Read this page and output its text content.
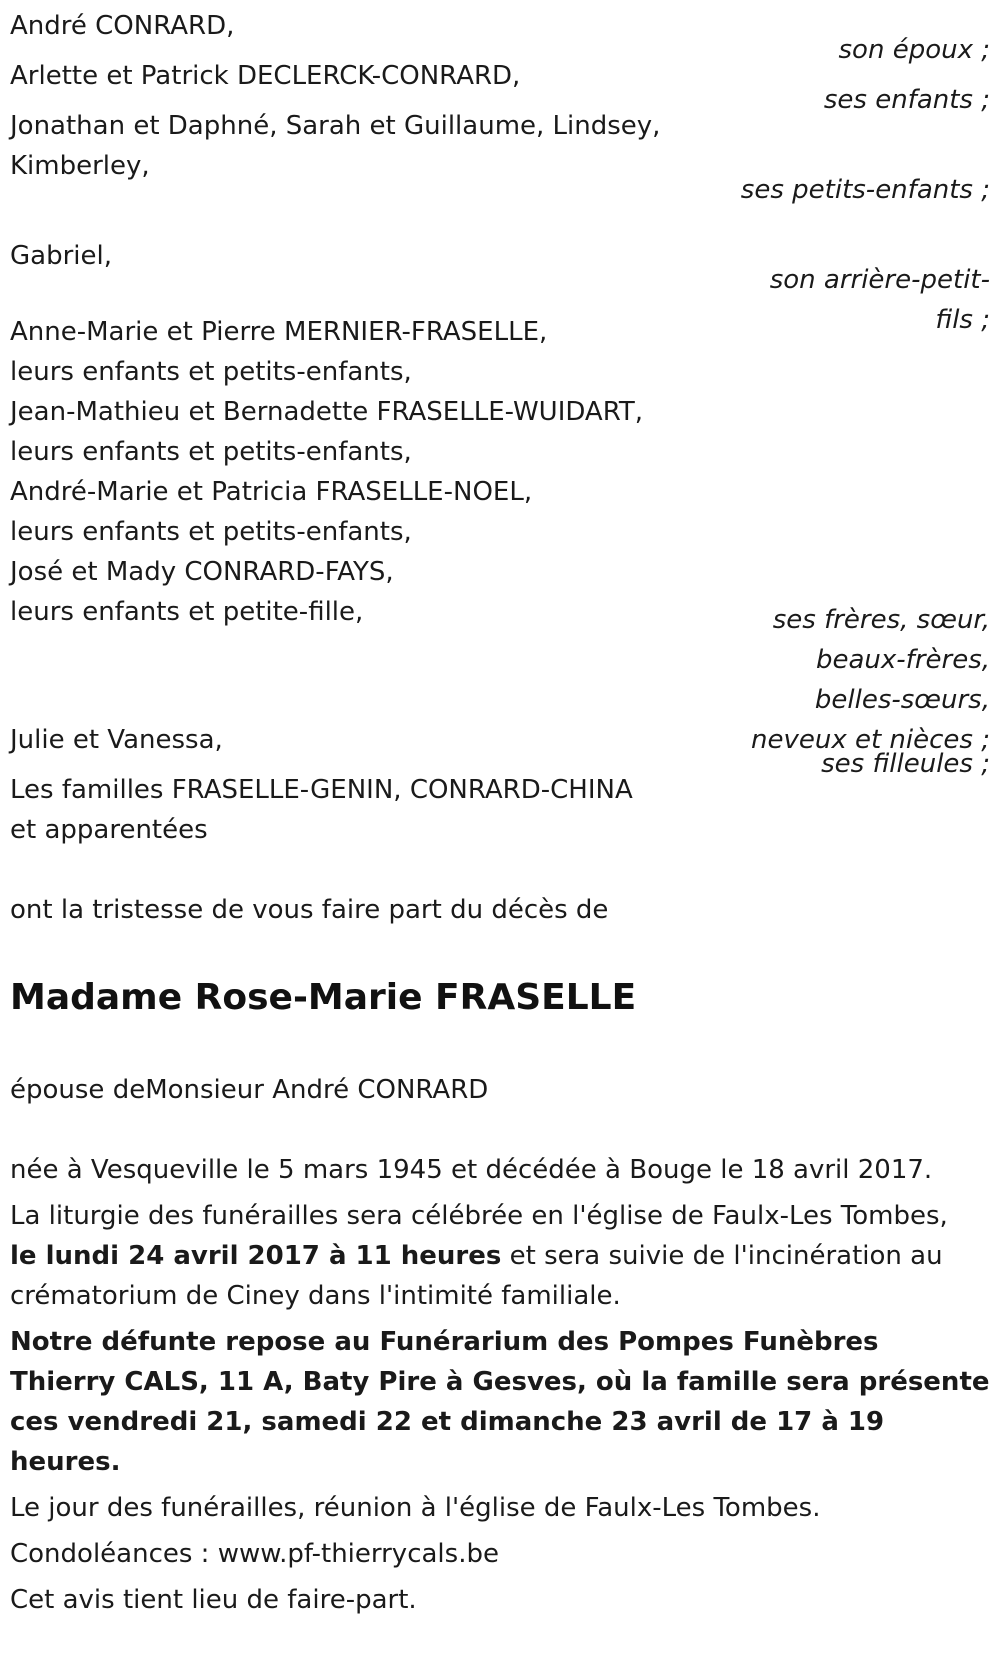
André CONRARD,
son époux ;
Arlette et Patrick DECLERCK-CONRARD,
ses enfants ;
Jonathan et Daphné, Sarah et Guillaume, Lindsey,
Kimberley,
ses petits-enfants ;
Gabriel,
son arrière-petit-fils ;
Anne-Marie et Pierre MERNIER-FRASELLE,
leurs enfants et petits-enfants,
Jean-Mathieu et Bernadette FRASELLE-WUIDART,
leurs enfants et petits-enfants,
André-Marie et Patricia FRASELLE-NOEL,
leurs enfants et petits-enfants,
José et Mady CONRARD-FAYS,
leurs enfants et petite-fille,	ses frères, sœur, beaux-frères, belles-sœurs, neveux et nièces ;
Julie et Vanessa,
ses filleules ;
Les familles FRASELLE-GENIN, CONRARD-CHINA
et apparentées
ont la tristesse de vous faire part du décès de
Madame Rose-Marie FRASELLE
épouse deMonsieur André CONRARD
née à Vesqueville le 5 mars 1945 et décédée à Bouge le 18 avril 2017.
La liturgie des funérailles sera célébrée en l'église de Faulx-Les Tombes,
le lundi 24 avril 2017 à 11 heures et sera suivie de l'incinération au crématorium de Ciney dans l'intimité familiale.
Notre défunte repose au Funérarium des Pompes Funèbres Thierry CALS, 11 A, Baty Pire à Gesves, où la famille sera présente ces vendredi 21, samedi 22 et dimanche 23 avril de 17 à 19 heures.
Le jour des funérailles, réunion à l'église de Faulx-Les Tombes.
Condoléances : www.pf-thierrycals.be
Cet avis tient lieu de faire-part.
